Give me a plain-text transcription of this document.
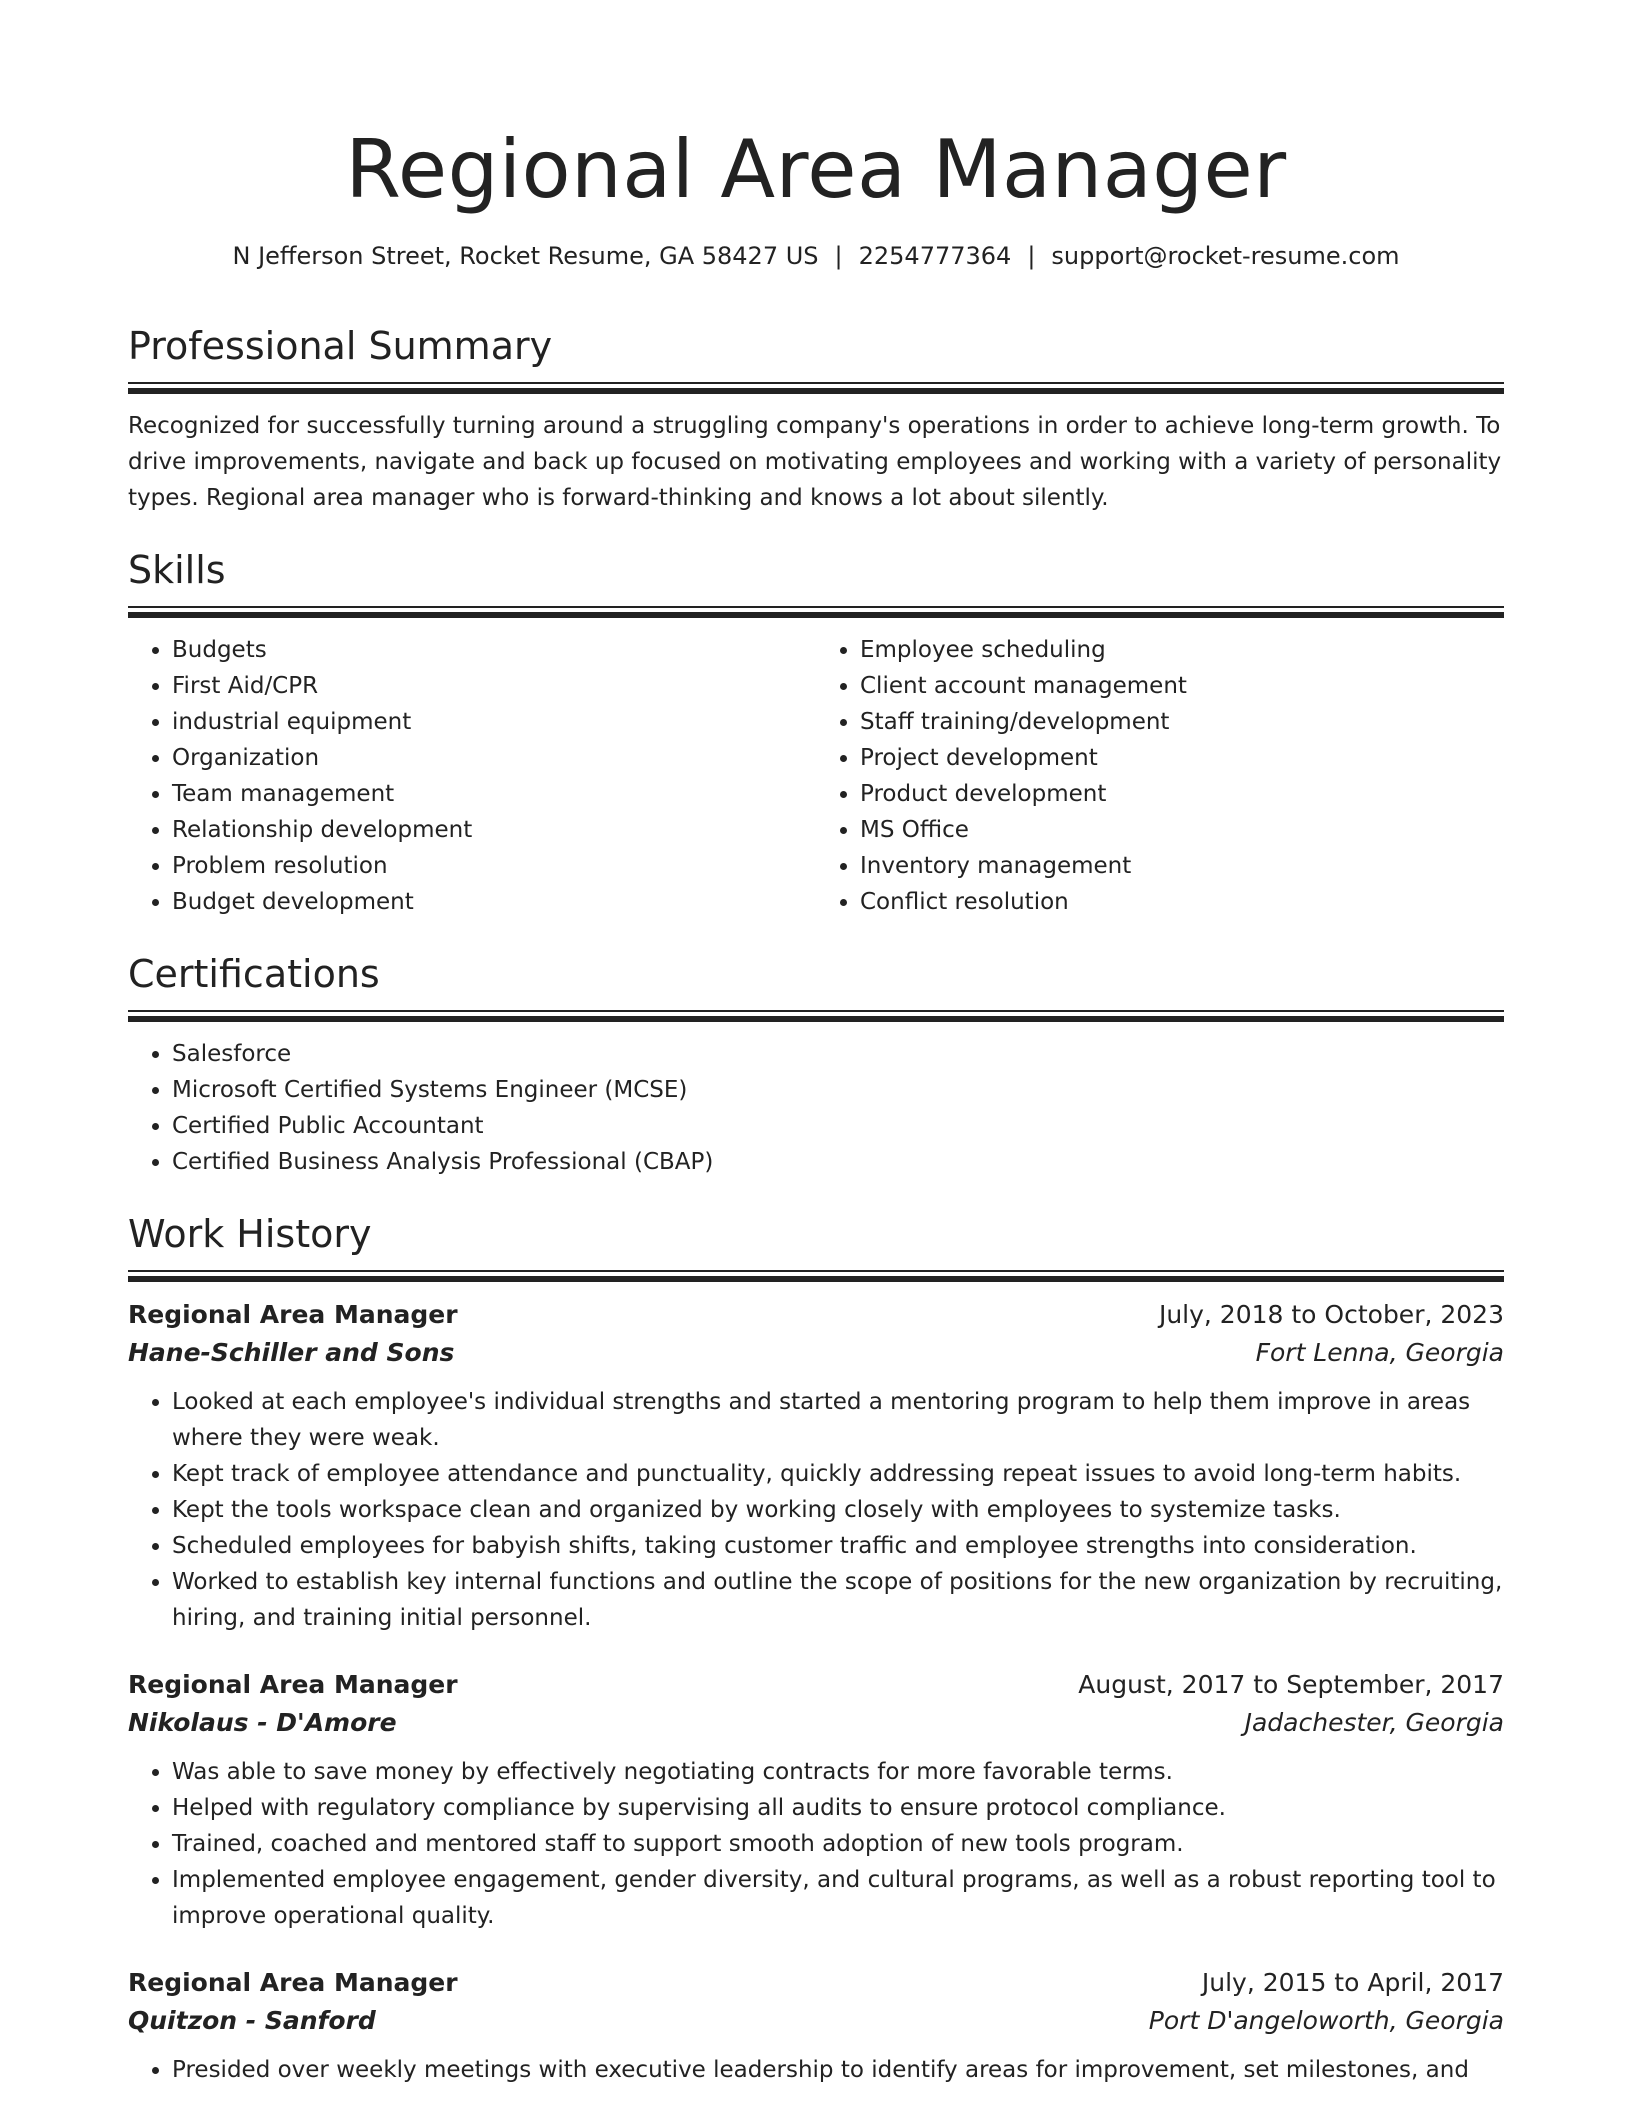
Regional Area Manager
N Jefferson Street, Rocket Resume, GA 58427 US | 2254777364 | support@rocket-resume.com
Professional Summary
Recognized for successfully turning around a struggling company's operations in order to achieve long-term growth. To drive improvements, navigate and back up focused on motivating employees and working with a variety of personality types. Regional area manager who is forward-thinking and knows a lot about silently.
Skills
• Budgets
• First Aid/CPR
• industrial equipment
• Organization
• Team management
• Relationship development
• Problem resolution
• Budget development
• Employee scheduling
• Client account management
• Staff training/development
• Project development
• Product development
• MS Office
• Inventory management
• Conflict resolution
Certifications
• Salesforce
• Microsoft Certified Systems Engineer (MCSE)
• Certified Public Accountant
• Certified Business Analysis Professional (CBAP)
Work History
Regional Area Manager	July, 2018 to October, 2023
Hane-Schiller and Sons	Fort Lenna, Georgia
• Looked at each employee's individual strengths and started a mentoring program to help them improve in areas where they were weak.
• Kept track of employee attendance and punctuality, quickly addressing repeat issues to avoid long-term habits.
• Kept the tools workspace clean and organized by working closely with employees to systemize tasks.
• Scheduled employees for babyish shifts, taking customer traffic and employee strengths into consideration.
• Worked to establish key internal functions and outline the scope of positions for the new organization by recruiting, hiring, and training initial personnel.
Regional Area Manager	August, 2017 to September, 2017
Nikolaus - D'Amore	Jadachester, Georgia
• Was able to save money by effectively negotiating contracts for more favorable terms.
• Helped with regulatory compliance by supervising all audits to ensure protocol compliance.
• Trained, coached and mentored staff to support smooth adoption of new tools program.
• Implemented employee engagement, gender diversity, and cultural programs, as well as a robust reporting tool to improve operational quality.
Regional Area Manager	July, 2015 to April, 2017
Quitzon - Sanford	Port D'angeloworth, Georgia
• Presided over weekly meetings with executive leadership to identify areas for improvement, set milestones, and
